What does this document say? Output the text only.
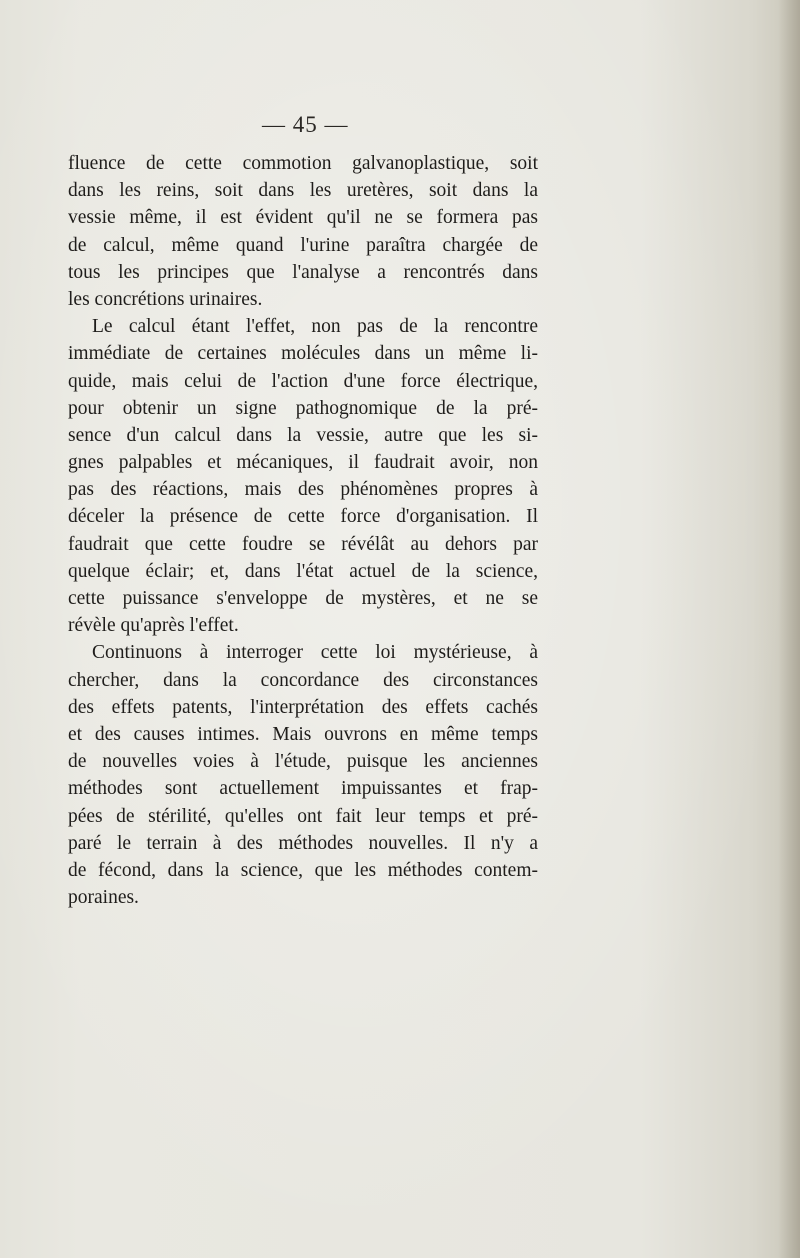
— 45 —
fluence de cette commotion galvanoplastique, soit
dans les reins, soit dans les uretères, soit dans la
vessie même, il est évident qu'il ne se formera pas
de calcul, même quand l'urine paraîtra chargée de
tous les principes que l'analyse a rencontrés dans
les concrétions urinaires.
Le calcul étant l'effet, non pas de la rencontre
immédiate de certaines molécules dans un même li-
quide, mais celui de l'action d'une force électrique,
pour obtenir un signe pathognomique de la pré-
sence d'un calcul dans la vessie, autre que les si-
gnes palpables et mécaniques, il faudrait avoir, non
pas des réactions, mais des phénomènes propres à
déceler la présence de cette force d'organisation. Il
faudrait que cette foudre se révélât au dehors par
quelque éclair; et, dans l'état actuel de la science,
cette puissance s'enveloppe de mystères, et ne se
révèle qu'après l'effet.
Continuons à interroger cette loi mystérieuse, à
chercher, dans la concordance des circonstances
des effets patents, l'interprétation des effets cachés
et des causes intimes. Mais ouvrons en même temps
de nouvelles voies à l'étude, puisque les anciennes
méthodes sont actuellement impuissantes et frap-
pées de stérilité, qu'elles ont fait leur temps et pré-
paré le terrain à des méthodes nouvelles. Il n'y a
de fécond, dans la science, que les méthodes contem-
poraines.
